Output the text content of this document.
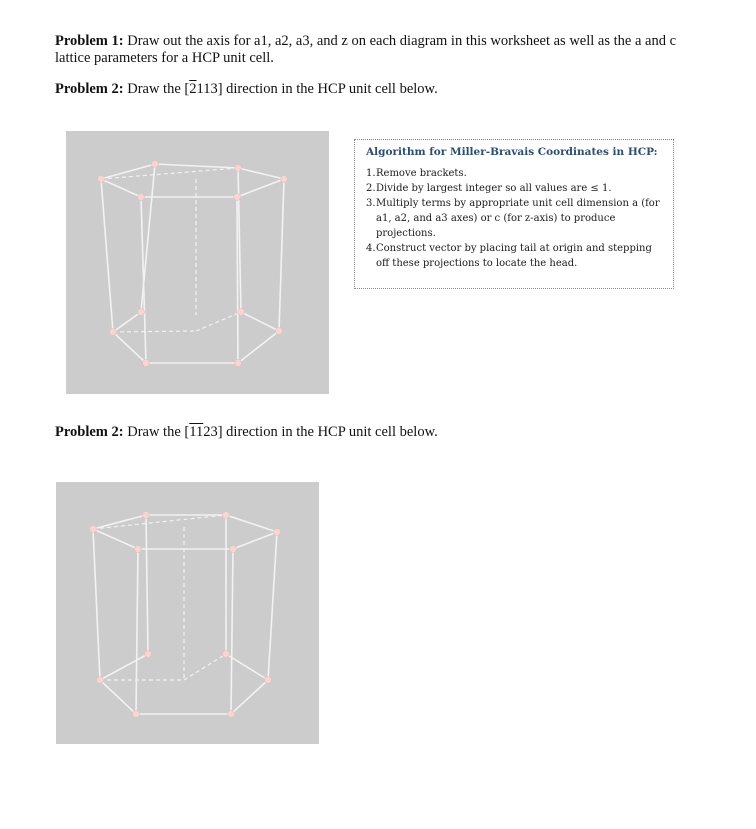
Problem 1: Draw out the axis for a1, a2, a3, and z on each diagram in this worksheet as well as the a and c lattice parameters for a HCP unit cell.
Problem 2: Draw the [2113] direction in the HCP unit cell below.
Algorithm for Miller-Bravais Coordinates in HCP:
1. Remove brackets.
2. Divide by largest integer so all values are ≤ 1.
3. Multiply terms by appropriate unit cell dimension a (for a1, a2, and a3 axes) or c (for z-axis) to produce projections.
4. Construct vector by placing tail at origin and stepping off these projections to locate the head.
Problem 2: Draw the [1123] direction in the HCP unit cell below.
